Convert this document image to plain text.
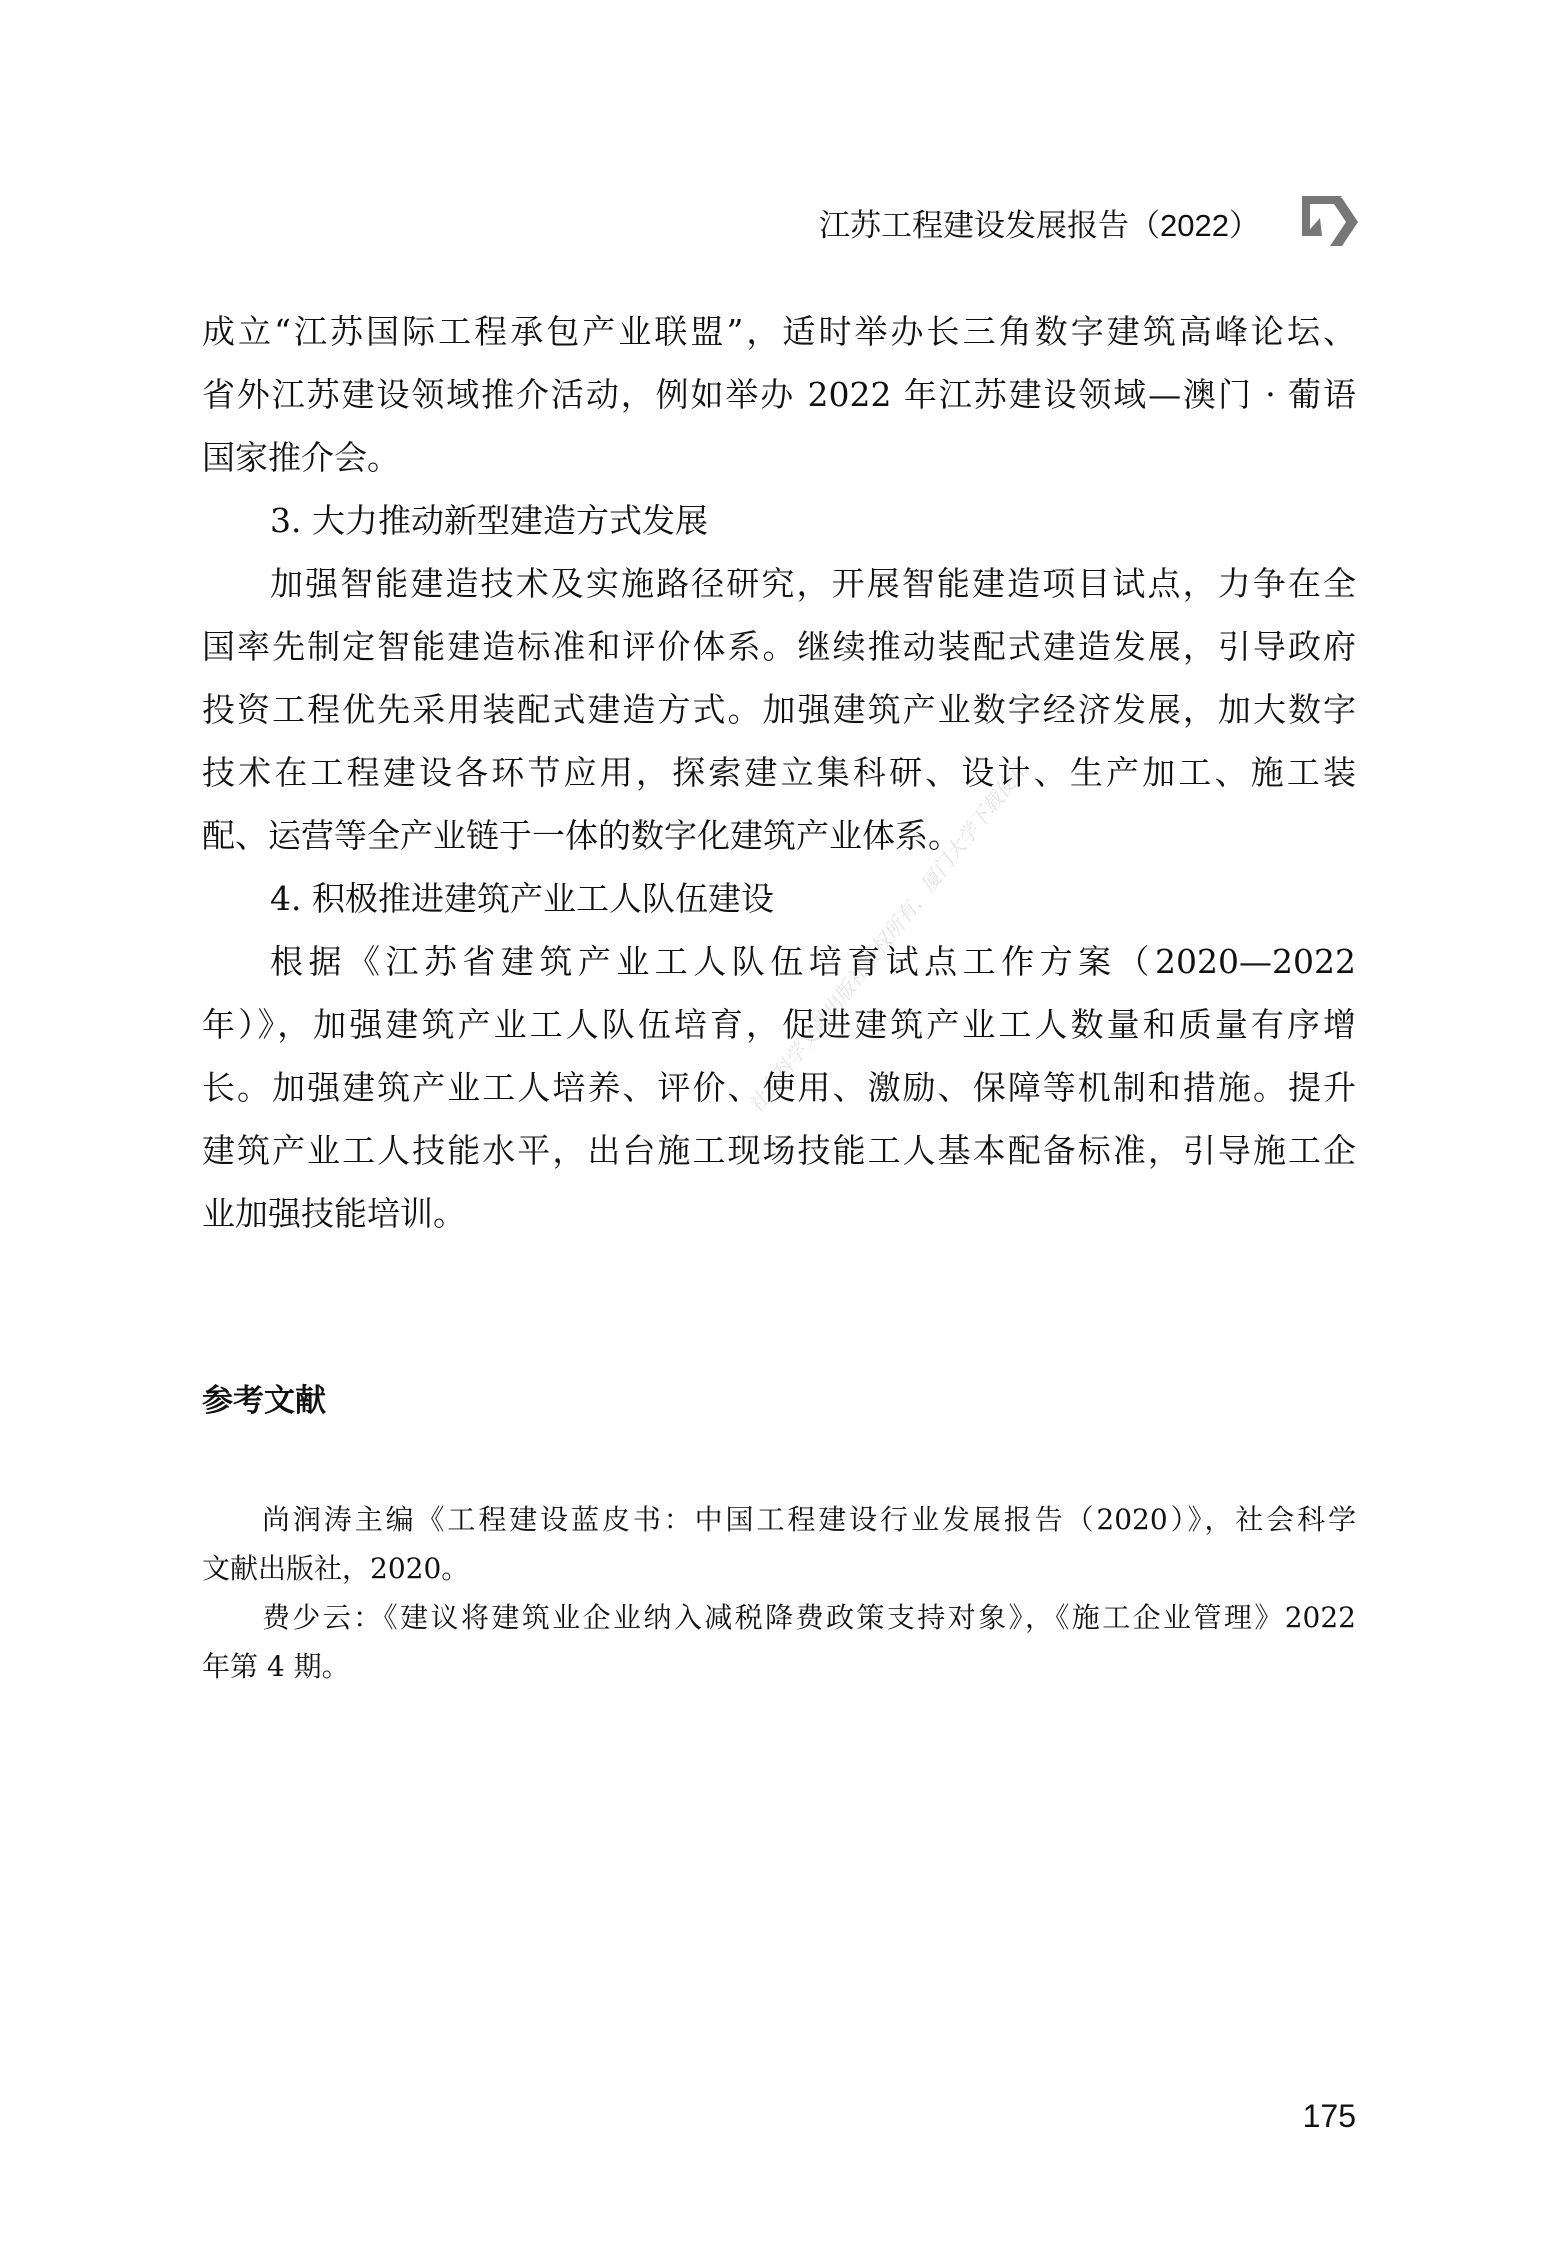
江苏工程建设发展报告（2022）
社会科学文献出版社版权所有，厦门大学下载使用
成立“江苏国际工程承包产业联盟”，适时举办长三角数字建筑高峰论坛、
省外江苏建设领域推介活动，例如举办 2022 年江苏建设领域—澳门 · 葡语
国家推介会。
3. 大力推动新型建造方式发展
加强智能建造技术及实施路径研究，开展智能建造项目试点，力争在全
国率先制定智能建造标准和评价体系。继续推动装配式建造发展，引导政府
投资工程优先采用装配式建造方式。加强建筑产业数字经济发展，加大数字
技术在工程建设各环节应用，探索建立集科研、设计、生产加工、施工装
配、运营等全产业链于一体的数字化建筑产业体系。
4. 积极推进建筑产业工人队伍建设
根据《江苏省建筑产业工人队伍培育试点工作方案（2020—2022
年）》，加强建筑产业工人队伍培育，促进建筑产业工人数量和质量有序增
长。加强建筑产业工人培养、评价、使用、激励、保障等机制和措施。提升
建筑产业工人技能水平，出台施工现场技能工人基本配备标准，引导施工企
业加强技能培训。
参考文献
尚润涛主编《工程建设蓝皮书：中国工程建设行业发展报告（2020）》，社会科学
文献出版社，2020。
费少云：《建议将建筑业企业纳入减税降费政策支持对象》，《施工企业管理》2022
年第 4 期。
175
